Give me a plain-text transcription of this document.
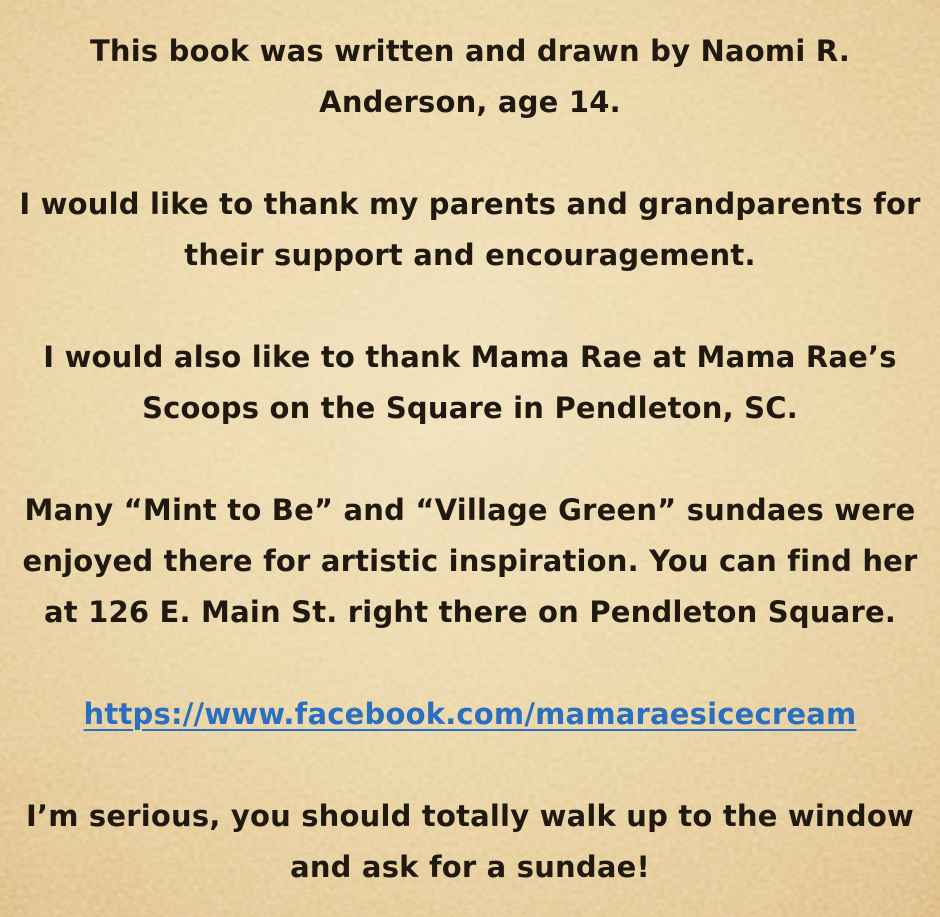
This book was written and drawn by Naomi R.
Anderson, age 14.
I would like to thank my parents and grandparents for
their support and encouragement.
I would also like to thank Mama Rae at Mama Rae’s
Scoops on the Square in Pendleton, SC.
Many “Mint to Be” and “Village Green” sundaes were
enjoyed there for artistic inspiration. You can find her
at 126 E. Main St. right there on Pendleton Square.
https://www.facebook.com/mamaraesicecream
I’m serious, you should totally walk up to the window
and ask for a sundae!
